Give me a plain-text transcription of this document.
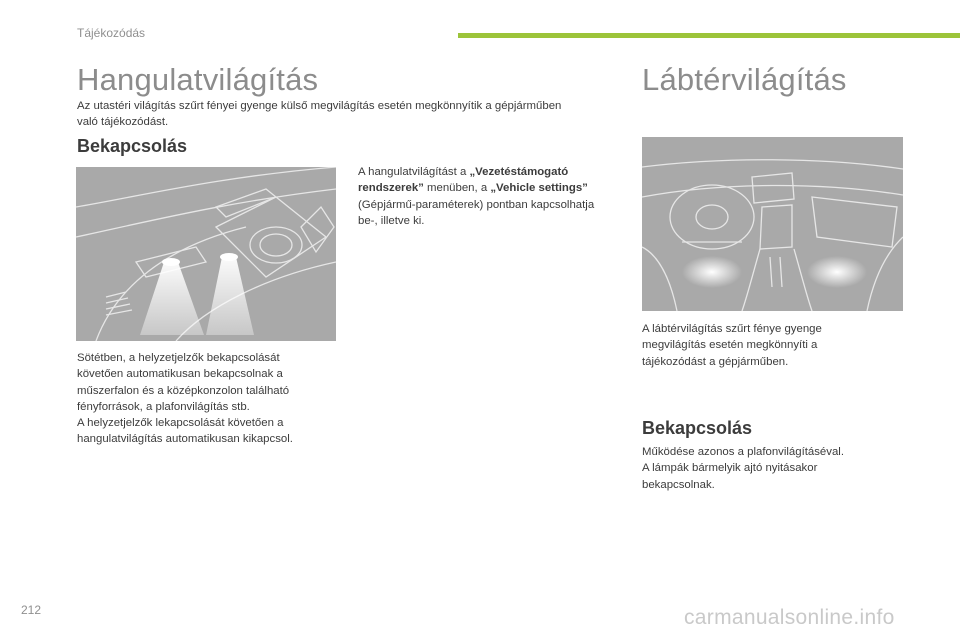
Tájékozódás
Hangulatvilágítás

Az utastéri világítás szűrt fényei gyenge külső megvilágítás esetén megkönnyítik a gépjárműben
való tájékozódást.

Bekapcsolás

Sötétben, a helyzetjelzők bekapcsolását
követően automatikusan bekapcsolnak a
műszerfalon és a középkonzolon található
fényforrások, a plafonvilágítás stb.
A helyzetjelzők lekapcsolását követően a
hangulatvilágítás automatikusan kikapcsol.

A hangulatvilágítást a „Vezetéstámogató
rendszerek” menüben, a „Vehicle settings”
(Gépjármű-paraméterek) pontban kapcsolhatja
be-, illetve ki.

Lábtérvilágítás

A lábtérvilágítás szűrt fénye gyenge
megvilágítás esetén megkönnyíti a
tájékozódást a gépjárműben.

Bekapcsolás

Működése azonos a plafonvilágításéval.
A lámpák bármelyik ajtó nyitásakor
bekapcsolnak.

212	carmanualsonline.info
